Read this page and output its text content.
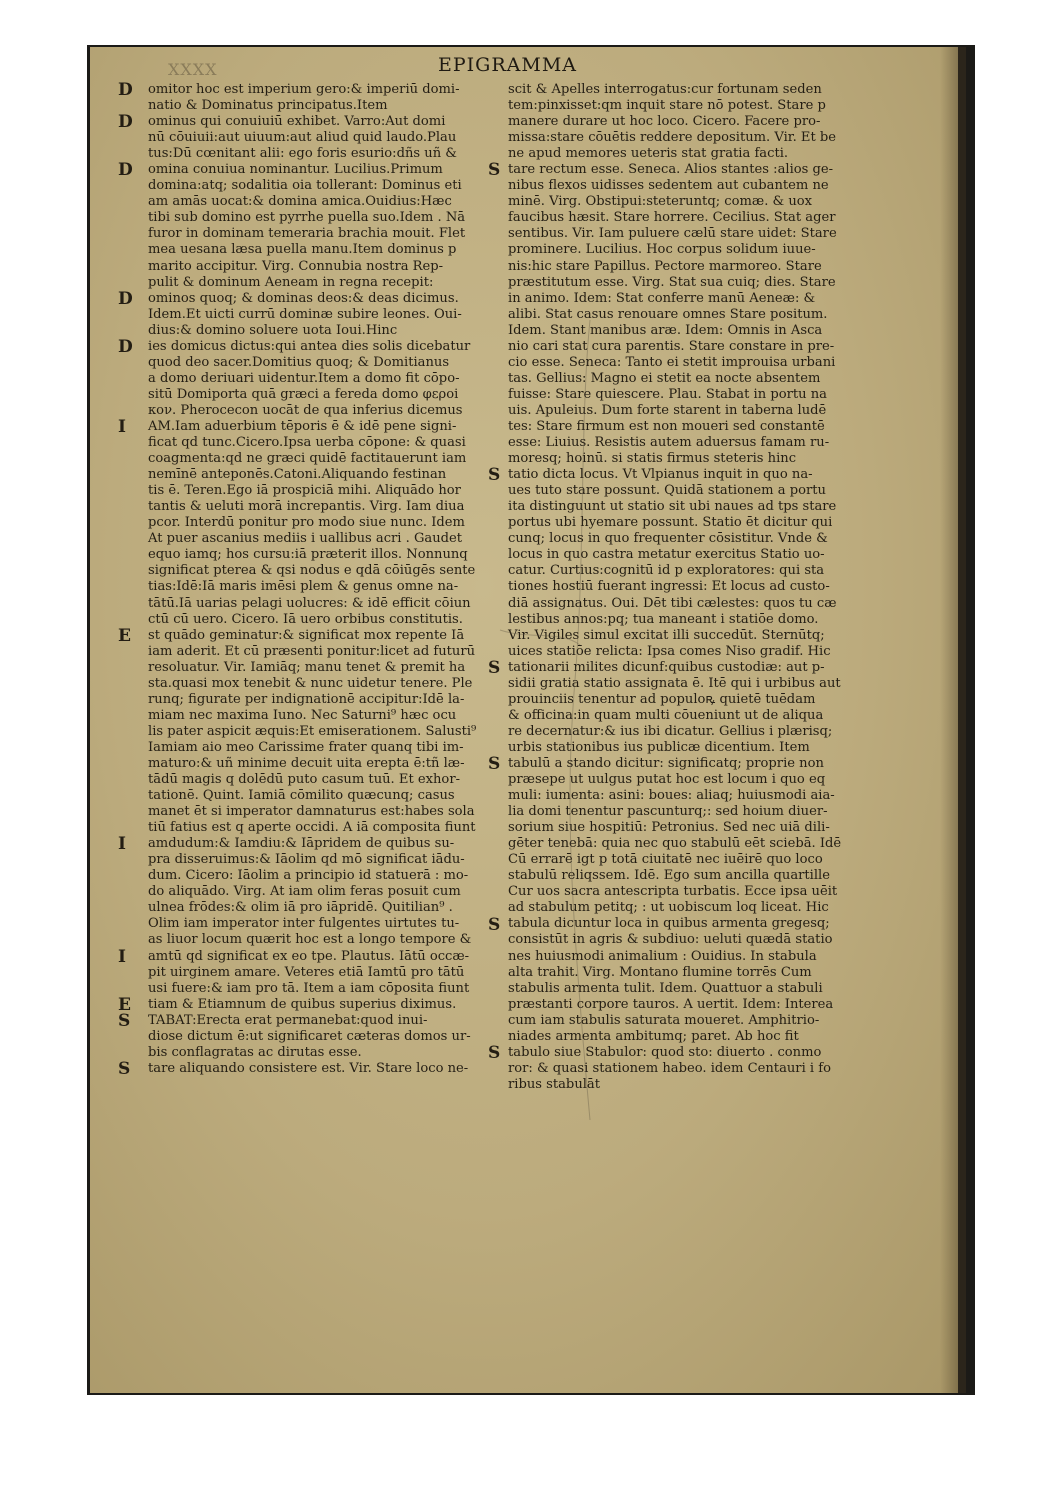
XXXX	EPIGRAMMA
omitor hoc est imperium gero:& imperiū domi-
D
natio & Dominatus principatus.Item
ominus qui conuiuiū exhibet. Varro:Aut domi
D
nū cōuiuii:aut uiuum:aut aliud quid laudo.Plau
tus:Dū cœnitant alii: ego foris esurio:dñs uñ &
omina conuiua nominantur. Lucilius.Primum
D
domina:atq; sodalitia oia tollerant: Dominus eti
am amās uocat:& domina amica.Ouidius:Hæc
tibi sub domino est pyrrhe puella suo.Idem . Nā
furor in dominam temeraria brachia mouit. Flet
mea uesana læsa puella manu.Item dominus p
marito accipitur. Virg. Connubia nostra Rep-
pulit & dominum Aeneam in regna recepit:
ominos quoq; & dominas deos:& deas dicimus.
D
Idem.Et uicti currū dominæ subire leones. Oui-
dius:& domino soluere uota Ioui.Hinc
ies domicus dictus:qui antea dies solis dicebatur
D
quod deo sacer.Domitius quoq; & Domitianus
a domo deriuari uidentur.Item a domo fit cōpo-
sitū Domiporta quā græci a fereda domo φερoi
κον. Pherocecon uocāt de qua inferius dicemus
AM.Iam aduerbium tēporis ē & idē pene signi-
I
ficat qd tunc.Cicero.Ipsa uerba cōpone: & quasi
coagmenta:qd ne græci quidē factitauerunt iam
nemīnē anteponēs.Catoni.Aliquando festinan
tis ē. Teren.Ego iā prospiciā mihi. Aliquādo hor
tantis & ueluti morā increpantis. Virg. Iam diua
pcor. Interdū ponitur pro modo siue nunc. Idem
At puer ascanius mediis i uallibus acri . Gaudet
equo iamq; hos cursu:iā præterit illos. Nonnunq
significat ptereа & qsi nodus e qdā cōiūgēs sente
tias:Idē:Iā maris imēsi plem & genus omne na-
tātū.Iā uarias pelagi uolucres: & idē efficit cōiun
ctū cū uero. Cicero. Iā uero orbibus constitutis.
st quādo geminatur:& significat mox repente Iā
E
iam aderit. Et cū præsenti ponitur:licet ad futurū
resoluatur. Vir. Iamiāq; manu tenet & premit ha
sta.quasi mox tenebit & nunc uidetur tenere. Ple
runq; figurate per indignationē accipitur:Idē la-
miam nec maxima Iuno. Nec Saturni⁹ hæc ocu
lis pater aspicit æquis:Et emiserationem. Salusti⁹
Iamiam aio meo Carissime frater quanq tibi im-
maturo:& uñ minime decuit uita erepta ē:tñ læ-
tādū magis q dolēdū puto casum tuū. Et exhor-
tationē. Quint. Iamiā cōmilito quæcunq; casus
manet ēt si imperator damnaturus est:habes sola
tiū fatius est q aperte occidi. A iā composita fiunt
amdudum:& Iamdiu:& Iāpridem de quibus su-
I
pra disseruimus:& Iāolim qd mō significat iādu-
dum. Cicero: Iāolim a principio id statuerā : mo-
do aliquādo. Virg. At iam olim feras posuit cum
ulnea frōdes:& olim iā pro iāpridē. Quitilian⁹ .
Olim iam imperator inter fulgentes uirtutes tu-
as liuor locum quærit hoc est a longo tempore &
amtū qd significat ex eo tpe. Plautus. Iātū occæ-
I
pit uirginem amare. Veteres etiā Iamtū pro tātū
usi fuere:& iam pro tā. Item a iam cōposita fiunt
tiam & Etiamnum de quibus superius diximus.
E
TABAT:Erecta erat permanebat:quod inui-
S
diose dictum ē:ut significaret cæteras domos ur-
bis conflagratas ac dirutas esse.
tare aliquando consistere est. Vir. Stare loco ne-
S
scit & Apelles interrogatus:cur fortunam seden
tem:pinxisset:qm inquit stare nō potest. Stare p
manere durare ut hoc loco. Cicero. Facere pro-
missa:stare cōuētis reddere depositum. Vir. Et be
ne apud memores ueteris stat gratia facti.
tare rectum esse. Seneca. Alios stantes :alios ge-
S
nibus flexos uidisses sedentem aut cubantem ne
minē. Virg. Obstipui:steteruntq; comæ. & uox
faucibus hæsit. Stare horrere. Cecilius. Stat ager
sentibus. Vir. Iam puluere cælū stare uidet: Stare
prominere. Lucilius. Hoc corpus solidum iuue-
nis:hic stare Papillus. Pectore marmoreo. Stare
præstitutum esse. Virg. Stat sua cuiq; dies. Stare
in animo. Idem: Stat conferre manū Aeneæ: &
alibi. Stat casus renouare omnes Stare positum.
Idem. Stant manibus aræ. Idem: Omnis in Asca
nio cari stat cura parentis. Stare constare in pre-
cio esse. Seneca: Tanto ei stetit improuisa urbani
tas. Gellius: Magno ei stetit ea nocte absentem
fuisse: Stare quiescere. Plau. Stabat in portu na
uis. Apuleius. Dum forte starent in taberna ludē
tes: Stare firmum est non moueri sed constantē
esse: Liuius. Resistis autem aduersus famam ru-
moresq; hoinū. si statis firmus steteris hinc
tatio dicta locus. Vt Vlpianus inquit in quo na-
S
ues tuto stare possunt. Quidā stationem a portu
ita distinguunt ut statio sit ubi naues ad tps stare
portus ubi hyemare possunt. Statio ēt dicitur qui
cunq; locus in quo frequenter cōsistitur. Vnde &
locus in quo castra metatur exercitus Statio uo-
catur. Curtius:cognitū id p exploratores: qui sta
tiones hostiū fuerant ingressi: Et locus ad custo-
diā assignatus. Oui. Dēt tibi cælestes: quos tu cæ
lestibus annos:pq; tua maneant i statiōe domo.
Vir. Vigiles simul excitat illi succedūt. Sternūtq;
uices statiōe relicta: Ipsa comes Niso gradif. Hic
tationarii milites dicunf:quibus custodiæ: aut p-
S
sidii gratia statio assignata ē. Itē qui i urbibus aut
prouinciis tenentur ad populoꝶ quietē tuēdam
& officina:in quam multi cōueniunt ut de aliqua
re decernatur:& ius ibi dicatur. Gellius i plærisq;
urbis stationibus ius publicæ dicentium. Item
tabulū a stando dicitur: significatq; proprie non
S
præsepe ut uulgus putat hoc est locum i quo eq
muli: iumenta: asini: boues: aliaq; huiusmodi aia-
lia domi tenentur pascunturq;: sed hoium diuer-
sorium siue hospitiū: Petronius. Sed nec uiā dili-
gēter tenebā: quia nec quo stabulū eēt sciebā. Idē
Cū errarē igt p totā ciuitatē nec iuēirē quo loco
stabulū reliqssem. Idē. Ego sum ancilla quartille
Cur uos sacra antescripta turbatis. Ecce ipsa uēit
ad stabulum petitq; : ut uobiscum loq liceat. Hic
tabula dicuntur loca in quibus armenta gregesq;
S
consistūt in agris & subdiuo: ueluti quædā statio
nes huiusmodi animalium : Ouidius. In stabula
alta trahit. Virg. Montano flumine torrēs Cum
stabulis armenta tulit. Idem. Quattuor a stabuli
præstanti corpore tauros. A uertit. Idem: Interea
cum iam stabulis saturata moueret. Amphitrio-
niades armenta ambitumq; paret. Ab hoc fit
tabulo siue Stabulor: quod sto: diuerto . conmo
S
ror: & quasi stationem habeo. idem Centauri i fo
ribus stabulāt
